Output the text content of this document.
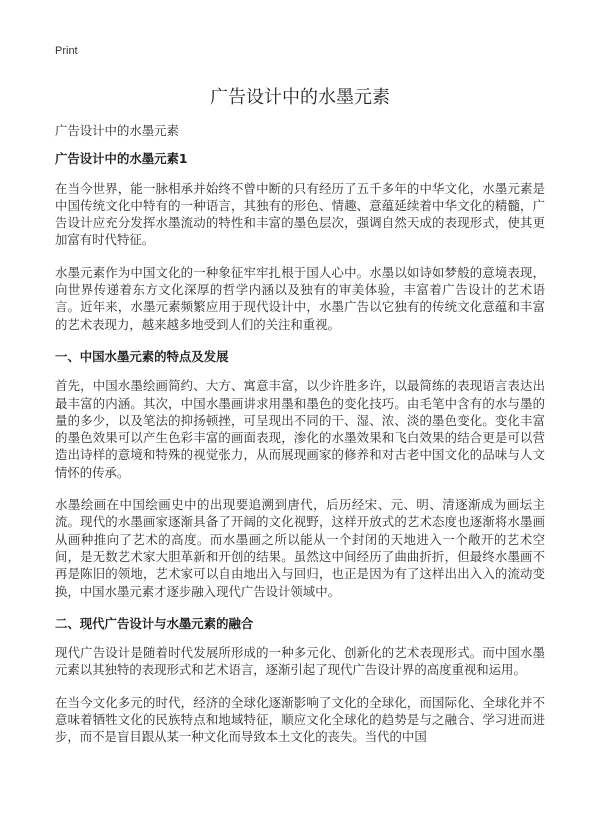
Print
广告设计中的水墨元素

广告设计中的水墨元素

广告设计中的水墨元素1

在当今世界，能一脉相承并始终不曾中断的只有经历了五千多年的中华文化，水墨元素是中国传统文化中特有的一种语言，其独有的形色、情趣、意蕴延续着中华文化的精髓，广告设计应充分发挥水墨流动的特性和丰富的墨色层次，强调自然天成的表现形式，使其更加富有时代特征。

水墨元素作为中国文化的一种象征牢牢扎根于国人心中。水墨以如诗如梦般的意境表现，向世界传递着东方文化深厚的哲学内涵以及独有的审美体验，丰富着广告设计的艺术语言。近年来，水墨元素频繁应用于现代设计中，水墨广告以它独有的传统文化意蕴和丰富的艺术表现力，越来越多地受到人们的关注和重视。

一、中国水墨元素的特点及发展

首先，中国水墨绘画简约、大方、寓意丰富，以少许胜多许，以最简练的表现语言表达出最丰富的内涵。其次，中国水墨画讲求用墨和墨色的变化技巧。由毛笔中含有的水与墨的量的多少，以及笔法的抑扬顿挫，可呈现出不同的干、湿、浓、淡的墨色变化。变化丰富的墨色效果可以产生色彩丰富的画面表现，渗化的水墨效果和飞白效果的结合更是可以营造出诗样的意境和特殊的视觉张力，从而展现画家的修养和对古老中国文化的品味与人文情怀的传承。

水墨绘画在中国绘画史中的出现要追溯到唐代，后历经宋、元、明、清逐渐成为画坛主流。现代的水墨画家逐渐具备了开阔的文化视野，这样开放式的艺术态度也逐渐将水墨画从画种推向了艺术的高度。而水墨画之所以能从一个封闭的天地进入一个敞开的艺术空间，是无数艺术家大胆革新和开创的结果。虽然这中间经历了曲曲折折，但最终水墨画不再是陈旧的领地，艺术家可以自由地出入与回归，也正是因为有了这样出出入入的流动变换，中国水墨元素才逐步融入现代广告设计领域中。

二、现代广告设计与水墨元素的融合

现代广告设计是随着时代发展所形成的一种多元化、创新化的艺术表现形式。而中国水墨元素以其独特的表现形式和艺术语言，逐渐引起了现代广告设计界的高度重视和运用。

在当今文化多元的时代，经济的全球化逐渐影响了文化的全球化，而国际化、全球化并不意味着牺牲文化的民族特点和地域特征，顺应文化全球化的趋势是与之融合、学习进而进步，而不是盲目跟从某一种文化而导致本土文化的丧失。当代的中国
